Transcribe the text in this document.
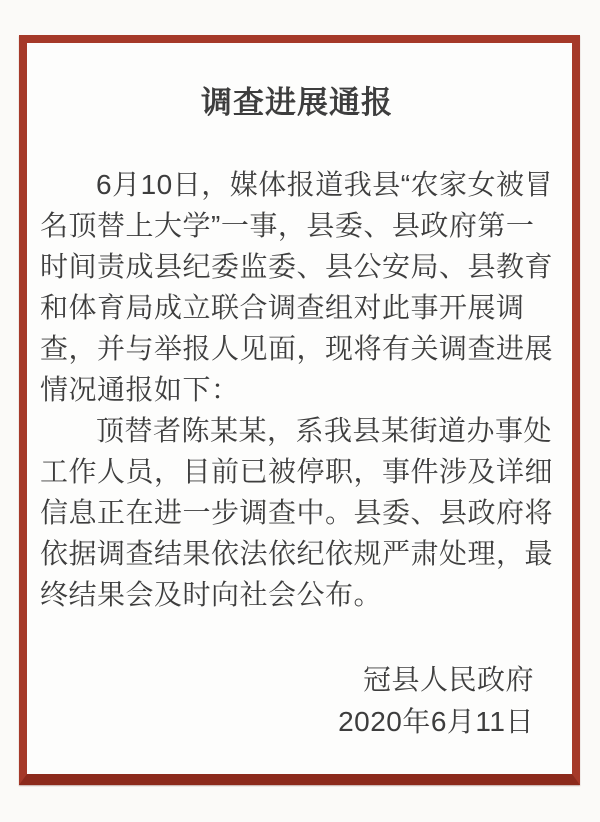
调查进展通报

6月10日，媒体报道我县“农家女被冒名顶替上大学”一事，县委、县政府第一时间责成县纪委监委、县公安局、县教育和体育局成立联合调查组对此事开展调查，并与举报人见面，现将有关调查进展情况通报如下：

顶替者陈某某，系我县某街道办事处工作人员，目前已被停职，事件涉及详细信息正在进一步调查中。县委、县政府将依据调查结果依法依纪依规严肃处理，最终结果会及时向社会公布。

冠县人民政府
2020年6月11日
